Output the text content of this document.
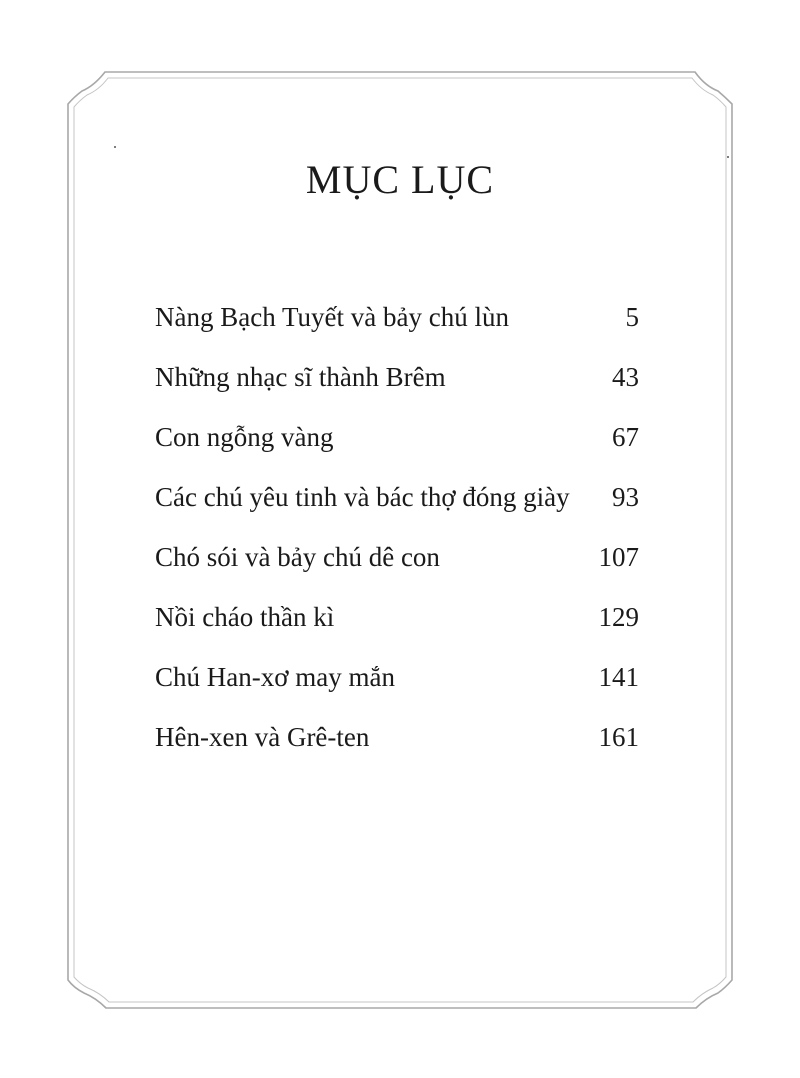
MỤC LỤC
Nàng Bạch Tuyết và bảy chú lùn	5
Những nhạc sĩ thành Brêm	43
Con ngỗng vàng	67
Các chú yêu tinh và bác thợ đóng giày	93
Chó sói và bảy chú dê con	107
Nồi cháo thần kì	129
Chú Han-xơ may mắn	141
Hên-xen và Grê-ten	161
